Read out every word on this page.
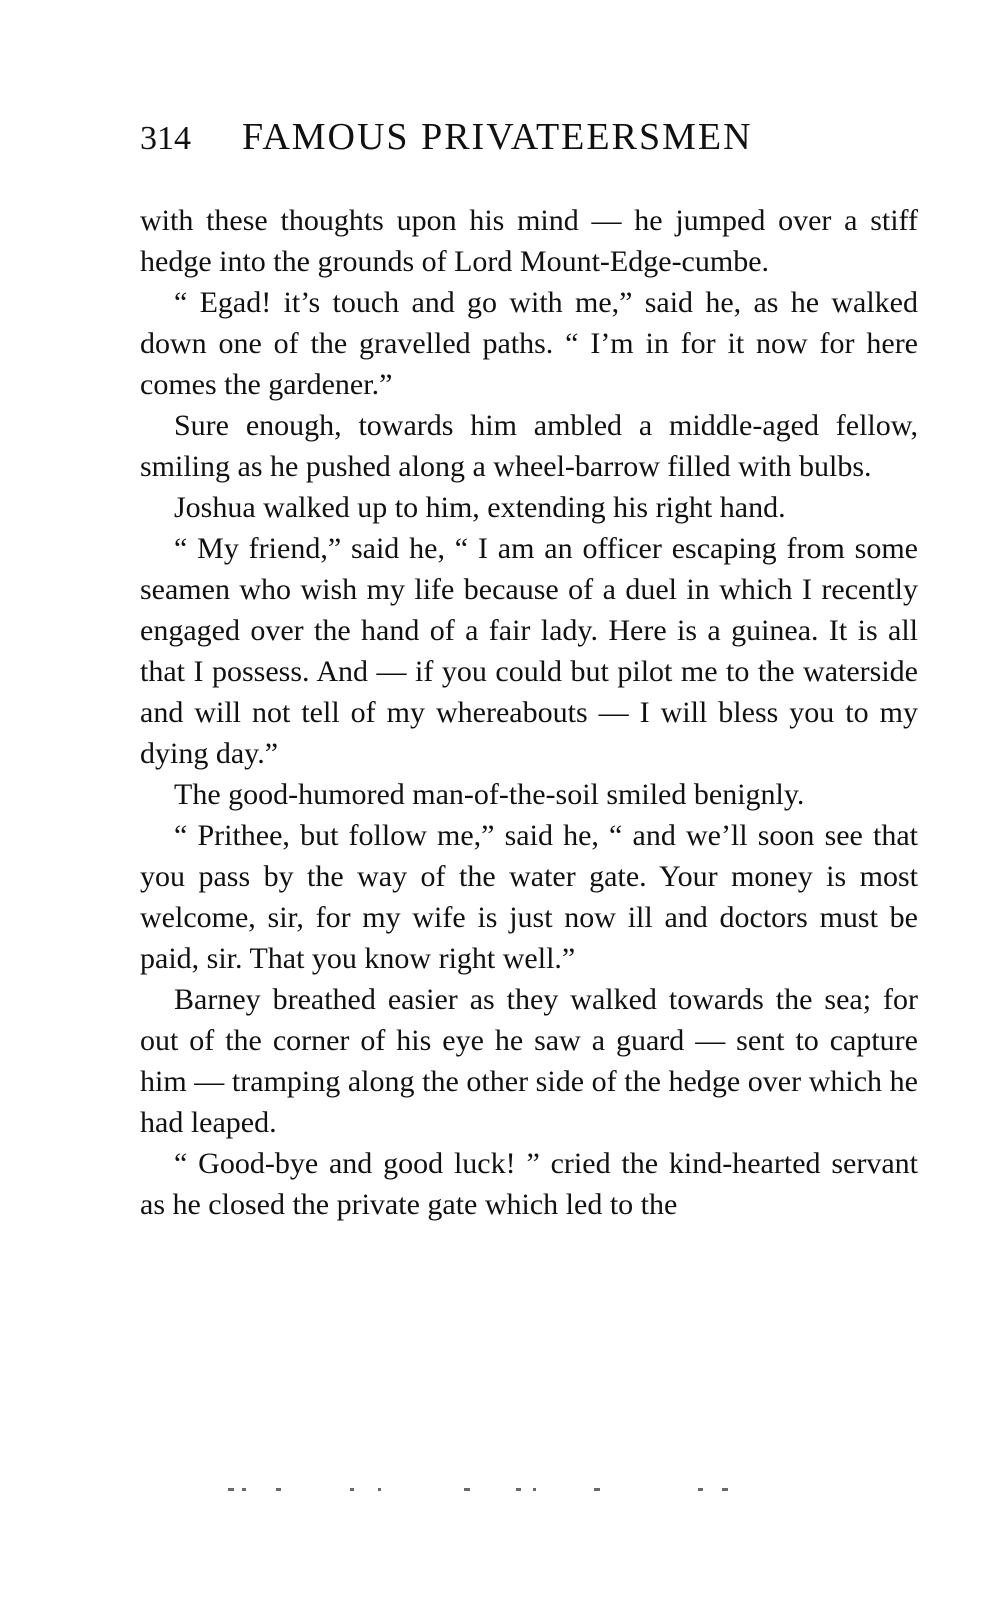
314 FAMOUS PRIVATEERSMEN

with these thoughts upon his mind — he jumped over a stiff hedge into the grounds of Lord Mount-Edge-cumbe.

“ Egad! it’s touch and go with me,” said he, as he walked down one of the gravelled paths. “ I’m in for it now for here comes the gardener.”

Sure enough, towards him ambled a middle-aged fellow, smiling as he pushed along a wheel-barrow filled with bulbs.

Joshua walked up to him, extending his right hand.

“ My friend,” said he, “ I am an officer escaping from some seamen who wish my life because of a duel in which I recently engaged over the hand of a fair lady. Here is a guinea. It is all that I possess. And — if you could but pilot me to the waterside and will not tell of my whereabouts — I will bless you to my dying day.”

The good-humored man-of-the-soil smiled benignly.

“ Prithee, but follow me,” said he, “ and we’ll soon see that you pass by the way of the water gate. Your money is most welcome, sir, for my wife is just now ill and doctors must be paid, sir. That you know right well.”

Barney breathed easier as they walked towards the sea; for out of the corner of his eye he saw a guard — sent to capture him — tramping along the other side of the hedge over which he had leaped.

“ Good-bye and good luck! ” cried the kind-hearted servant as he closed the private gate which led to the
